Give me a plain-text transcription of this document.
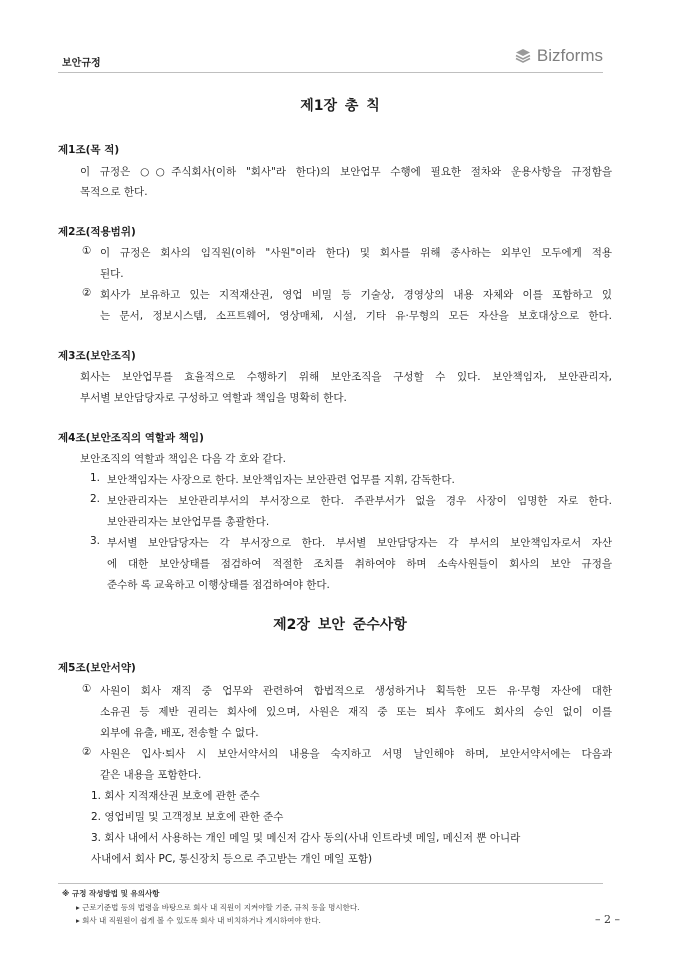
보안규정	Bizforms
제1장 총 칙
제1조(목 적)
이 규정은 ○○주식회사(이하 "회사"라 한다)의 보안업무 수행에 필요한 절차와 운용사항을 규정함을
목적으로 한다.
제2조(적용범위)
① 이 규정은 회사의 임직원(이하 "사원"이라 한다) 및 회사를 위해 종사하는 외부인 모두에게 적용
된다.
② 회사가 보유하고 있는 지적재산권, 영업 비밀 등 기술상, 경영상의 내용 자체와 이를 포함하고 있
는 문서, 정보시스템, 소프트웨어, 영상매체, 시설, 기타 유·무형의 모든 자산을 보호대상으로 한다.
제3조(보안조직)
회사는 보안업무를 효율적으로 수행하기 위해 보안조직을 구성할 수 있다. 보안책임자, 보안관리자,
부서별 보안담당자로 구성하고 역할과 책임을 명확히 한다.
제4조(보안조직의 역할과 책임)
보안조직의 역할과 책임은 다음 각 호와 같다.
1. 보안책임자는 사장으로 한다. 보안책임자는 보안관련 업무를 지휘, 감독한다.
2. 보안관리자는 보안관리부서의 부서장으로 한다. 주관부서가 없을 경우 사장이 임명한 자로 한다.
보안관리자는 보안업무를 총괄한다.
3. 부서별 보안담당자는 각 부서장으로 한다. 부서별 보안담당자는 각 부서의 보안책임자로서 자산
에 대한 보안상태를 점검하여 적절한 조치를 취하여야 하며 소속사원들이 회사의 보안 규정을
준수하 록 교육하고 이행상태를 점검하여야 한다.
제2장 보안 준수사항
제5조(보안서약)
① 사원이 회사 재직 중 업무와 관련하여 합법적으로 생성하거나 획득한 모든 유·무형 자산에 대한
소유권 등 제반 권리는 회사에 있으며, 사원은 재직 중 또는 퇴사 후에도 회사의 승인 없이 이를
외부에 유출, 배포, 전송할 수 없다.
② 사원은 입사·퇴사 시 보안서약서의 내용을 숙지하고 서명 날인해야 하며, 보안서약서에는 다음과
같은 내용을 포함한다.
1. 회사 지적재산권 보호에 관한 준수
2. 영업비밀 및 고객정보 보호에 관한 준수
3. 회사 내에서 사용하는 개인 메일 및 메신저 감사 동의(사내 인트라넷 메일, 메신저 뿐 아니라
사내에서 회사 PC, 통신장치 등으로 주고받는 개인 메일 포함)
※ 규정 작성방법 및 유의사항
▸ 근로기준법 등의 법령을 바탕으로 회사 내 직원이 지켜야할 기준, 규칙 등을 명시한다.
▸ 회사 내 직원원이 쉽게 볼 수 있도록 회사 내 비치하거나 게시하여야 한다.	– 2 –
